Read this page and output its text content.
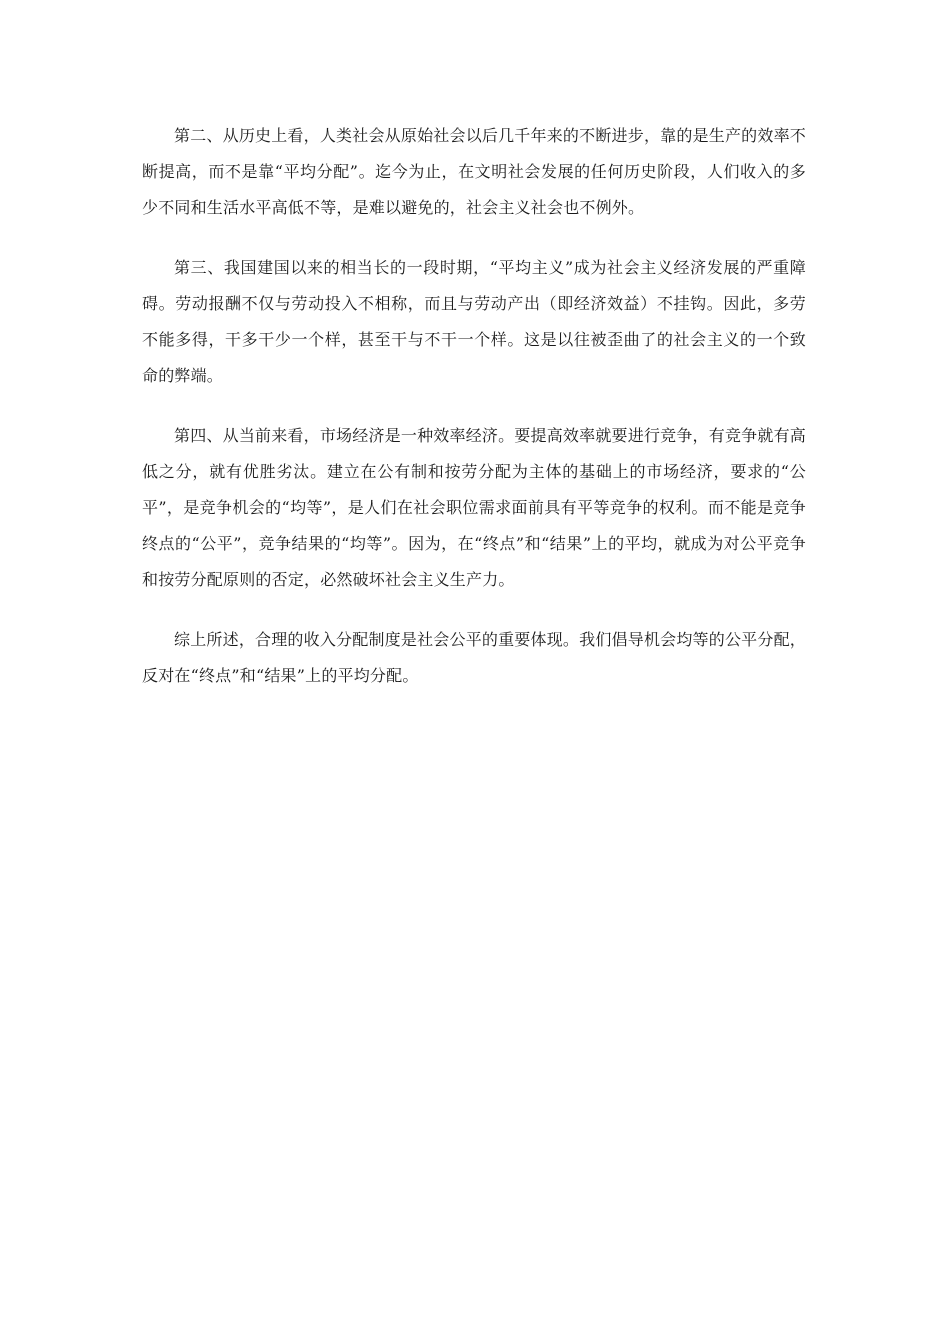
第二、从历史上看，人类社会从原始社会以后几千年来的不断进步，靠的是生产的效率不断提高，而不是靠“平均分配”。迄今为止，在文明社会发展的任何历史阶段，人们收入的多少不同和生活水平高低不等，是难以避免的，社会主义社会也不例外。

第三、我国建国以来的相当长的一段时期，“平均主义”成为社会主义经济发展的严重障碍。劳动报酬不仅与劳动投入不相称，而且与劳动产出（即经济效益）不挂钩。因此，多劳不能多得，干多干少一个样，甚至干与不干一个样。这是以往被歪曲了的社会主义的一个致命的弊端。

第四、从当前来看，市场经济是一种效率经济。要提高效率就要进行竞争，有竞争就有高低之分，就有优胜劣汰。建立在公有制和按劳分配为主体的基础上的市场经济，要求的“公平”，是竞争机会的“均等”，是人们在社会职位需求面前具有平等竞争的权利。而不能是竞争终点的“公平”，竞争结果的“均等”。因为，在“终点”和“结果”上的平均，就成为对公平竞争和按劳分配原则的否定，必然破坏社会主义生产力。

综上所述，合理的收入分配制度是社会公平的重要体现。我们倡导机会均等的公平分配，反对在“终点”和“结果”上的平均分配。
